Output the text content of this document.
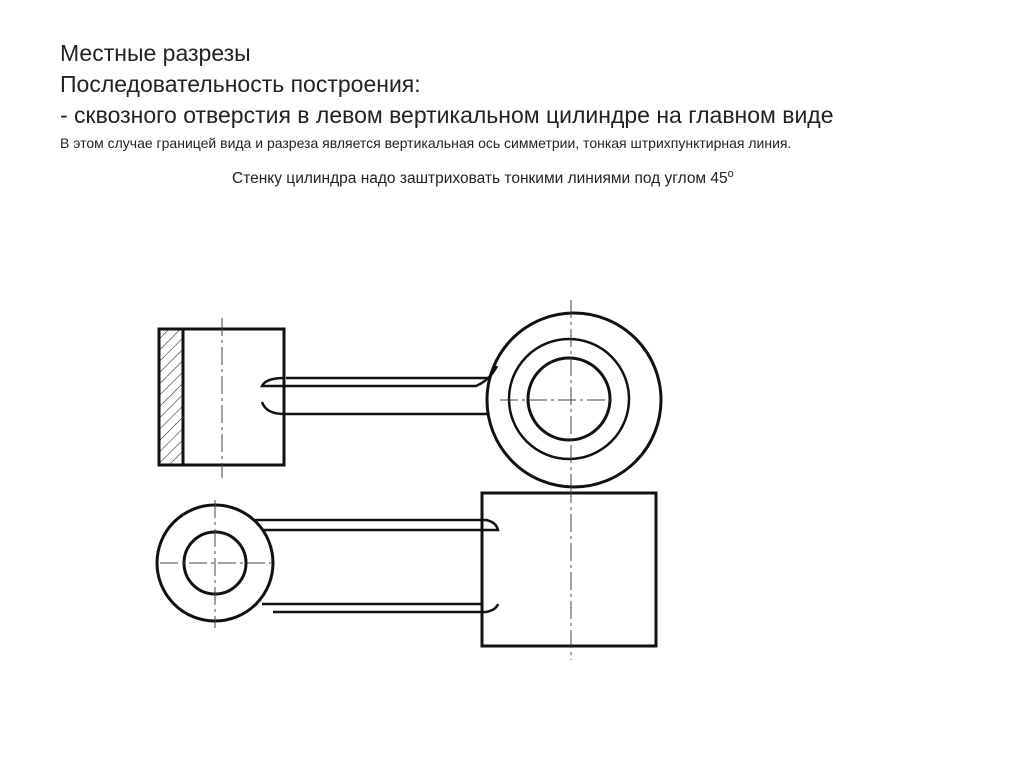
Местные разрезы
Последовательность построения:
- сквозного отверстия в левом вертикальном цилиндре на главном виде
В этом случае границей вида и разреза является вертикальная ось симметрии, тонкая штрихпунктирная линия.
Стенку цилиндра надо заштриховать тонкими линиями под углом $45^о$
